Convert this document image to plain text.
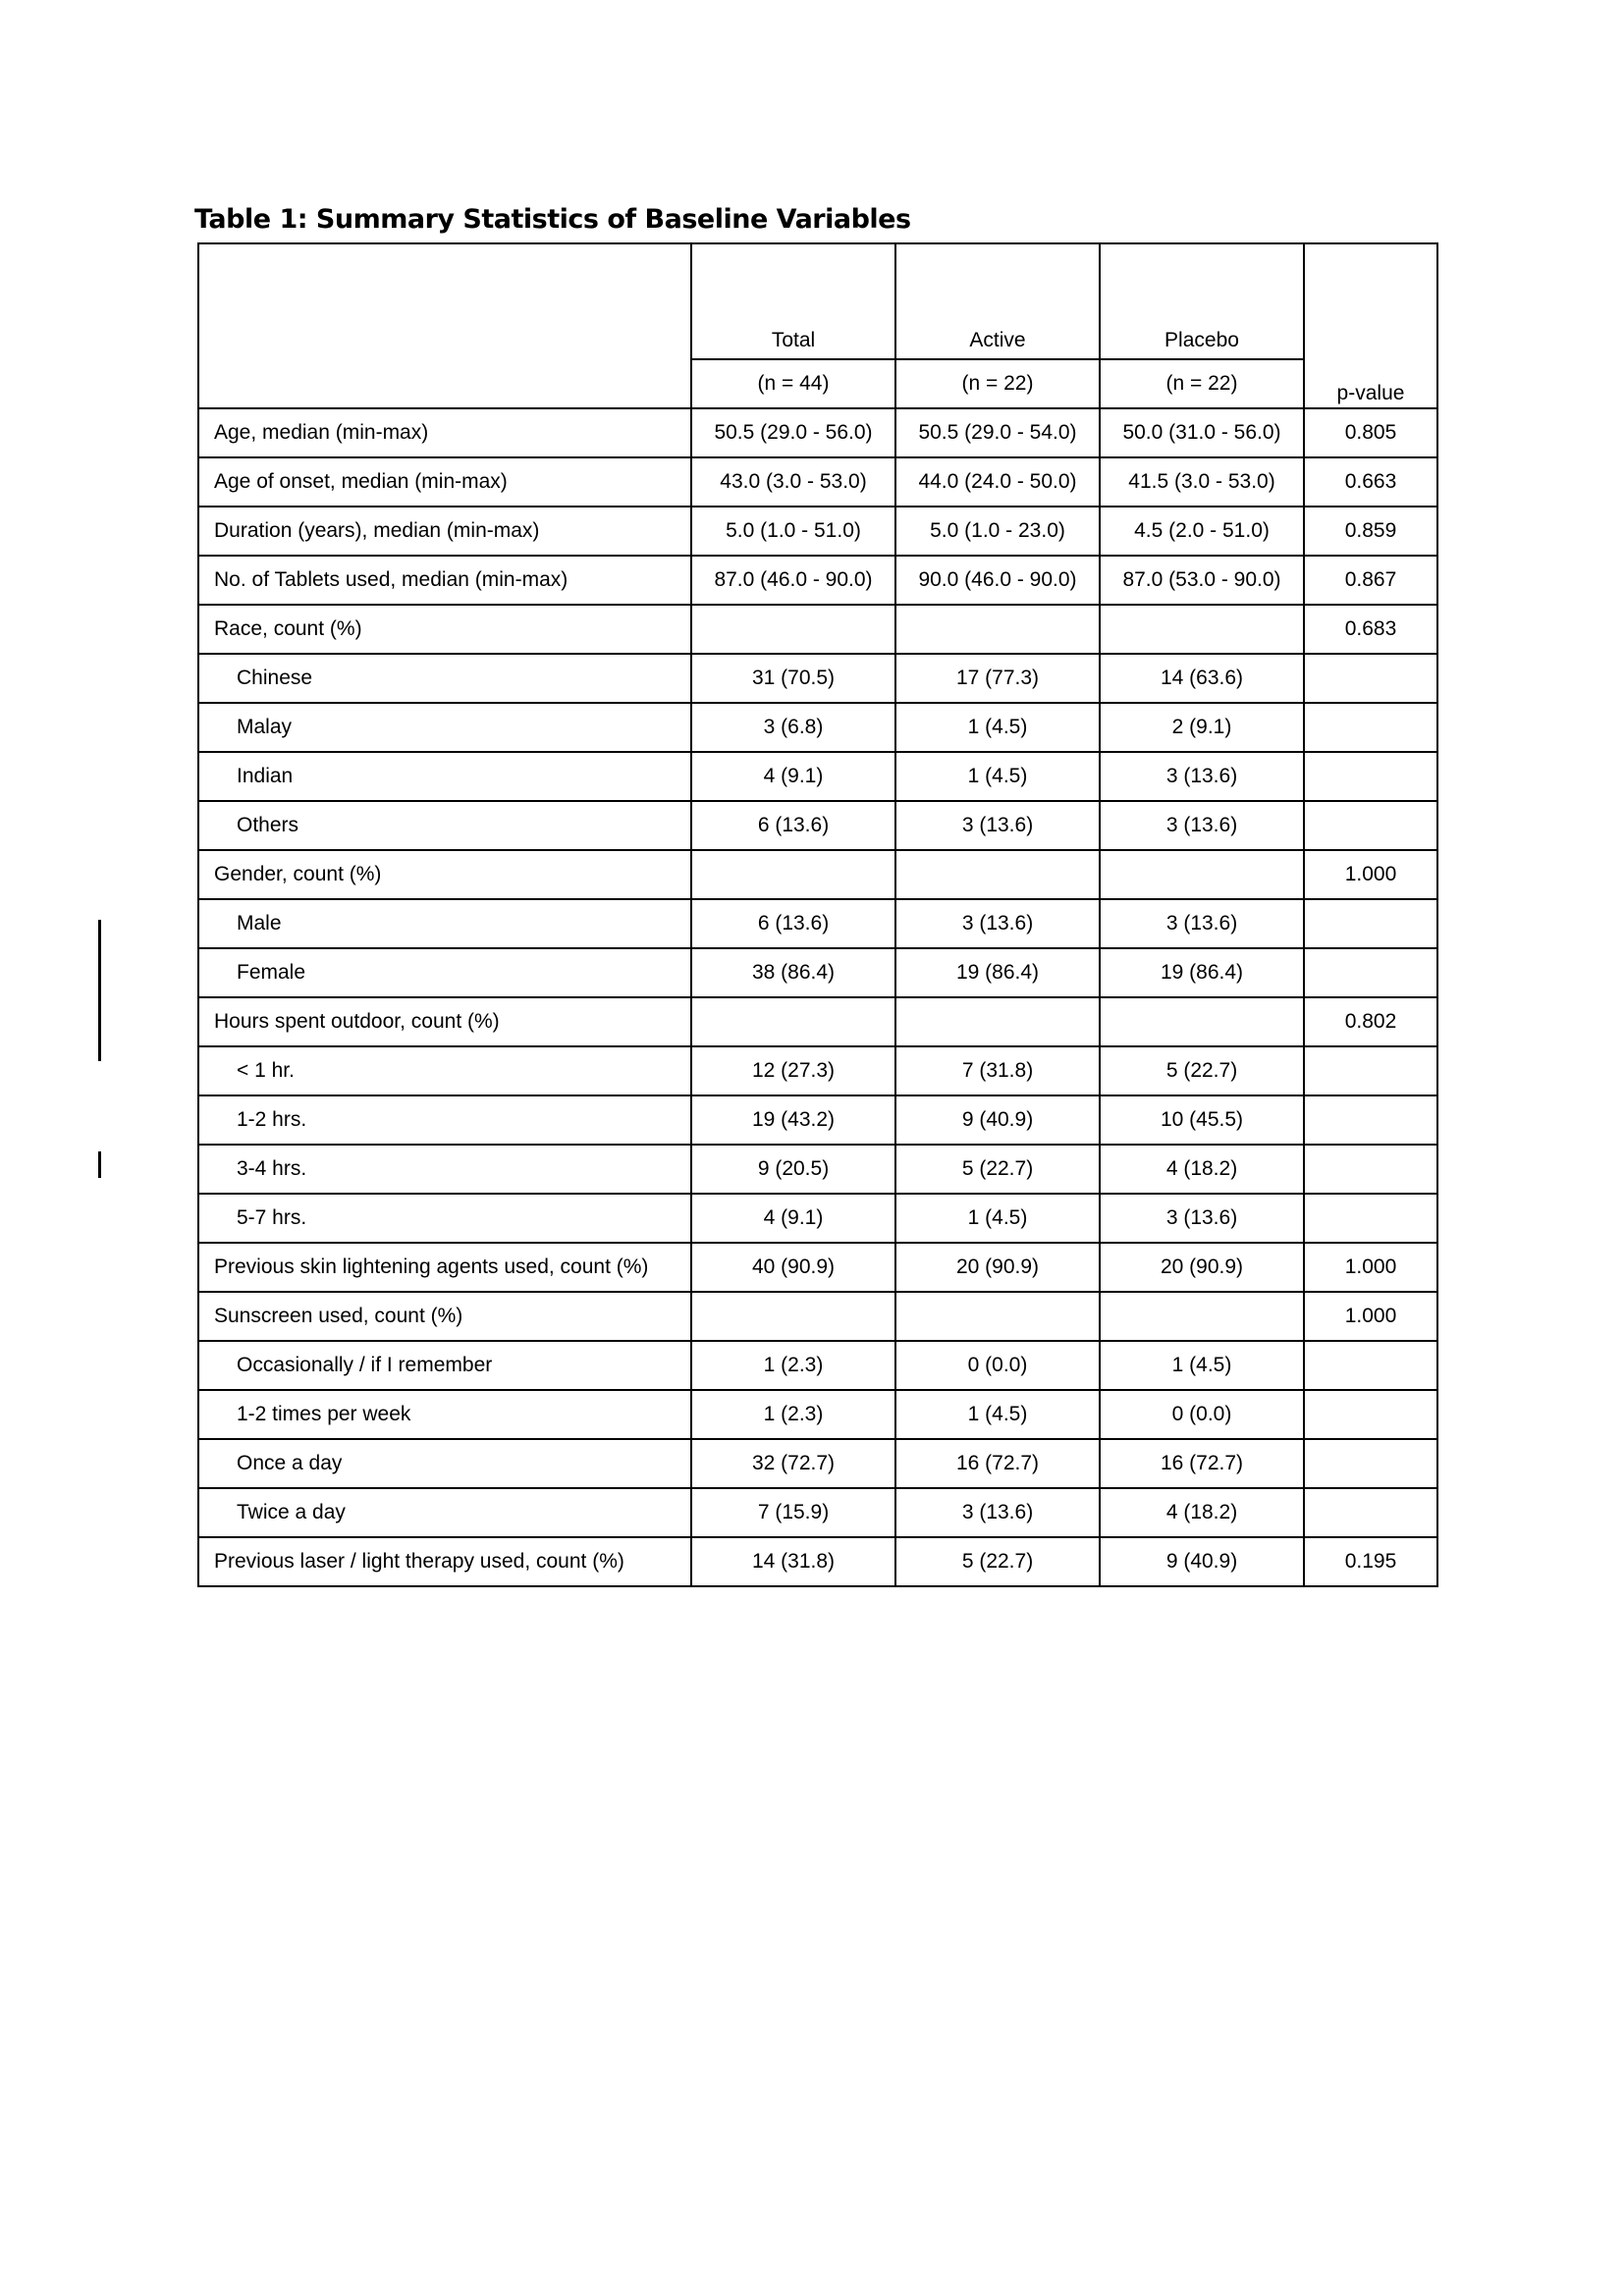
Table 1: Summary Statistics of Baseline Variables
	Total	Active	Placebo	p-value
	(n = 44)	(n = 22)	(n = 22)	
Age, median (min-max)	50.5 (29.0 - 56.0)	50.5 (29.0 - 54.0)	50.0 (31.0 - 56.0)	0.805
Age of onset, median (min-max)	43.0 (3.0 - 53.0)	44.0 (24.0 - 50.0)	41.5 (3.0 - 53.0)	0.663
Duration (years), median (min-max)	5.0 (1.0 - 51.0)	5.0 (1.0 - 23.0)	4.5 (2.0 - 51.0)	0.859
No. of Tablets used, median (min-max)	87.0 (46.0 - 90.0)	90.0 (46.0 - 90.0)	87.0 (53.0 - 90.0)	0.867
Race, count (%)				0.683
Chinese	31 (70.5)	17 (77.3)	14 (63.6)	
Malay	3 (6.8)	1 (4.5)	2 (9.1)	
Indian	4 (9.1)	1 (4.5)	3 (13.6)	
Others	6 (13.6)	3 (13.6)	3 (13.6)	
Gender, count (%)				1.000
Male	6 (13.6)	3 (13.6)	3 (13.6)	
Female	38 (86.4)	19 (86.4)	19 (86.4)	
Hours spent outdoor, count (%)				0.802
< 1 hr.	12 (27.3)	7 (31.8)	5 (22.7)	
1-2 hrs.	19 (43.2)	9 (40.9)	10 (45.5)	
3-4 hrs.	9 (20.5)	5 (22.7)	4 (18.2)	
5-7 hrs.	4 (9.1)	1 (4.5)	3 (13.6)	
Previous skin lightening agents used, count (%)	40 (90.9)	20 (90.9)	20 (90.9)	1.000
Sunscreen used, count (%)				1.000
Occasionally / if I remember	1 (2.3)	0 (0.0)	1 (4.5)	
1-2 times per week	1 (2.3)	1 (4.5)	0 (0.0)	
Once a day	32 (72.7)	16 (72.7)	16 (72.7)	
Twice a day	7 (15.9)	3 (13.6)	4 (18.2)	
Previous laser / light therapy used, count (%)	14 (31.8)	5 (22.7)	9 (40.9)	0.195
